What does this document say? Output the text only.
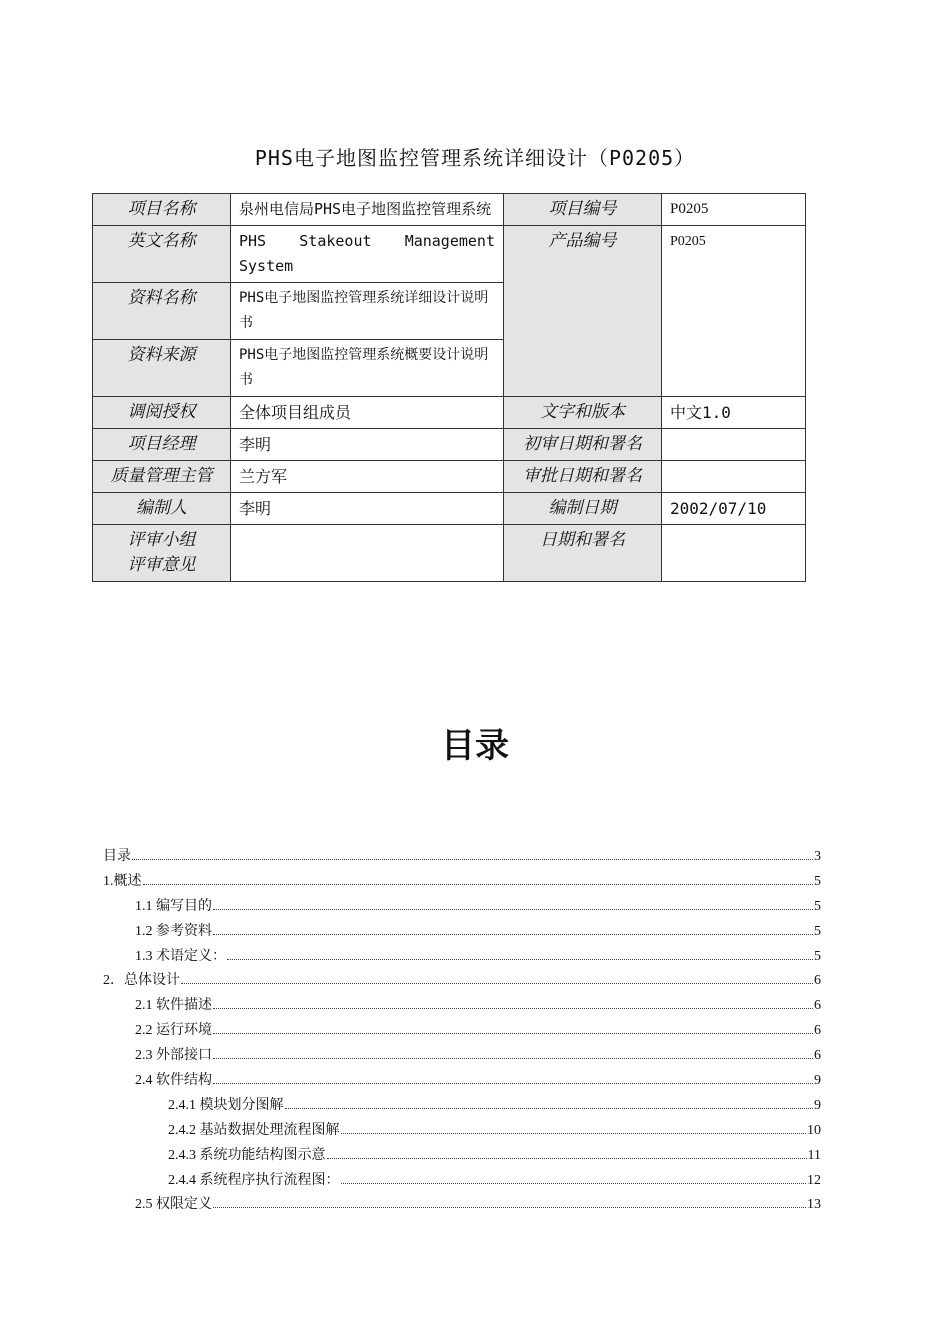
PHS电子地图监控管理系统详细设计（P0205）
项目名称	泉州电信局PHS电子地图监控管理系统	项目编号	P0205
英文名称	PHS Stakeout Management
System	产品编号	P0205
资料名称	PHS电子地图监控管理系统详细设计说明书		
资料来源	PHS电子地图监控管理系统概要设计说明书		
调阅授权	全体项目组成员	文字和版本	中文1.0
项目经理	李明	初审日期和署名	
质量管理主管	兰方军	审批日期和署名	
编制人	李明	编制日期	2002/07/10

评审小组
评审意见		日期和署名	
目录
目录	3
1.概述	5
1.1 编写目的	5
1.2 参考资料	5
1.3 术语定义：	5
2．总体设计	6
2.1 软件描述	6
2.2 运行环境	6
2.3 外部接口	6
2.4 软件结构	9
2.4.1 模块划分图解	9
2.4.2 基站数据处理流程图解	10
2.4.3 系统功能结构图示意	11
2.4.4 系统程序执行流程图：	12
2.5 权限定义	13
